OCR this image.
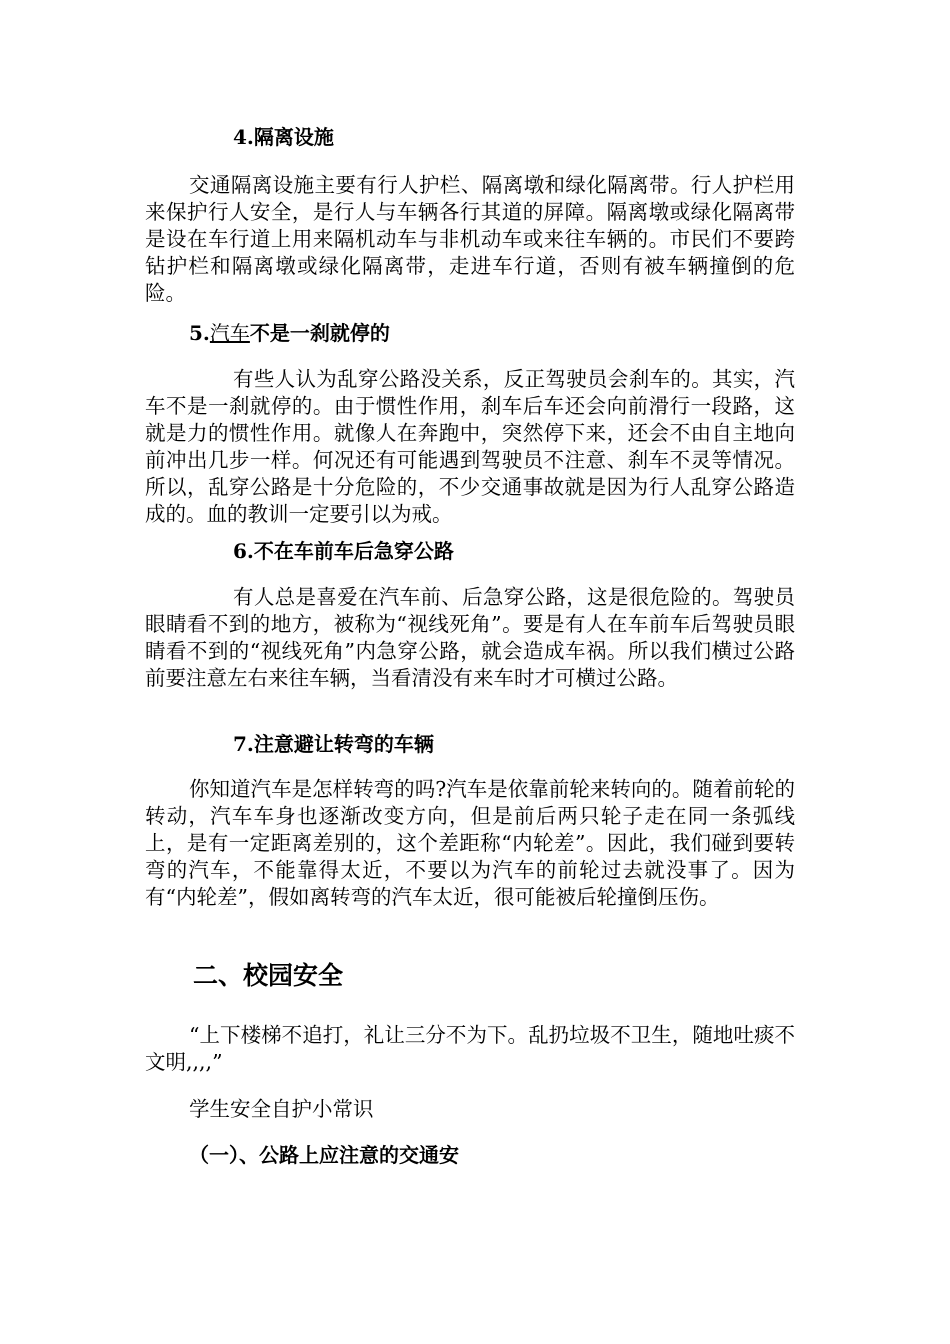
4.隔离设施

交通隔离设施主要有行人护栏、隔离墩和绿化隔离带。行人护栏用来保护行人安全，是行人与车辆各行其道的屏障。隔离墩或绿化隔离带是设在车行道上用来隔机动车与非机动车或来往车辆的。市民们不要跨钻护栏和隔离墩或绿化隔离带，走进车行道，否则有被车辆撞倒的危险。

5.汽车不是一刹就停的

有些人认为乱穿公路没关系，反正驾驶员会刹车的。其实，汽车不是一刹就停的。由于惯性作用，刹车后车还会向前滑行一段路，这就是力的惯性作用。就像人在奔跑中，突然停下来，还会不由自主地向前冲出几步一样。何况还有可能遇到驾驶员不注意、刹车不灵等情况。所以，乱穿公路是十分危险的，不少交通事故就是因为行人乱穿公路造成的。血的教训一定要引以为戒。

6.不在车前车后急穿公路

有人总是喜爱在汽车前、后急穿公路，这是很危险的。驾驶员眼睛看不到的地方，被称为“视线死角”。要是有人在车前车后驾驶员眼睛看不到的“视线死角”内急穿公路，就会造成车祸。所以我们横过公路前要注意左右来往车辆，当看清没有来车时才可横过公路。

7.注意避让转弯的车辆

你知道汽车是怎样转弯的吗?汽车是依靠前轮来转向的。随着前轮的转动，汽车车身也逐渐改变方向，但是前后两只轮子走在同一条弧线上，是有一定距离差别的，这个差距称“内轮差”。因此，我们碰到要转弯的汽车，不能靠得太近，不要以为汽车的前轮过去就没事了。因为有“内轮差”，假如离转弯的汽车太近，很可能被后轮撞倒压伤。

二、校园安全

“上下楼梯不追打，礼让三分不为下。乱扔垃圾不卫生，随地吐痰不文明,,,,”

学生安全自护小常识

（一）、公路上应注意的交通安
